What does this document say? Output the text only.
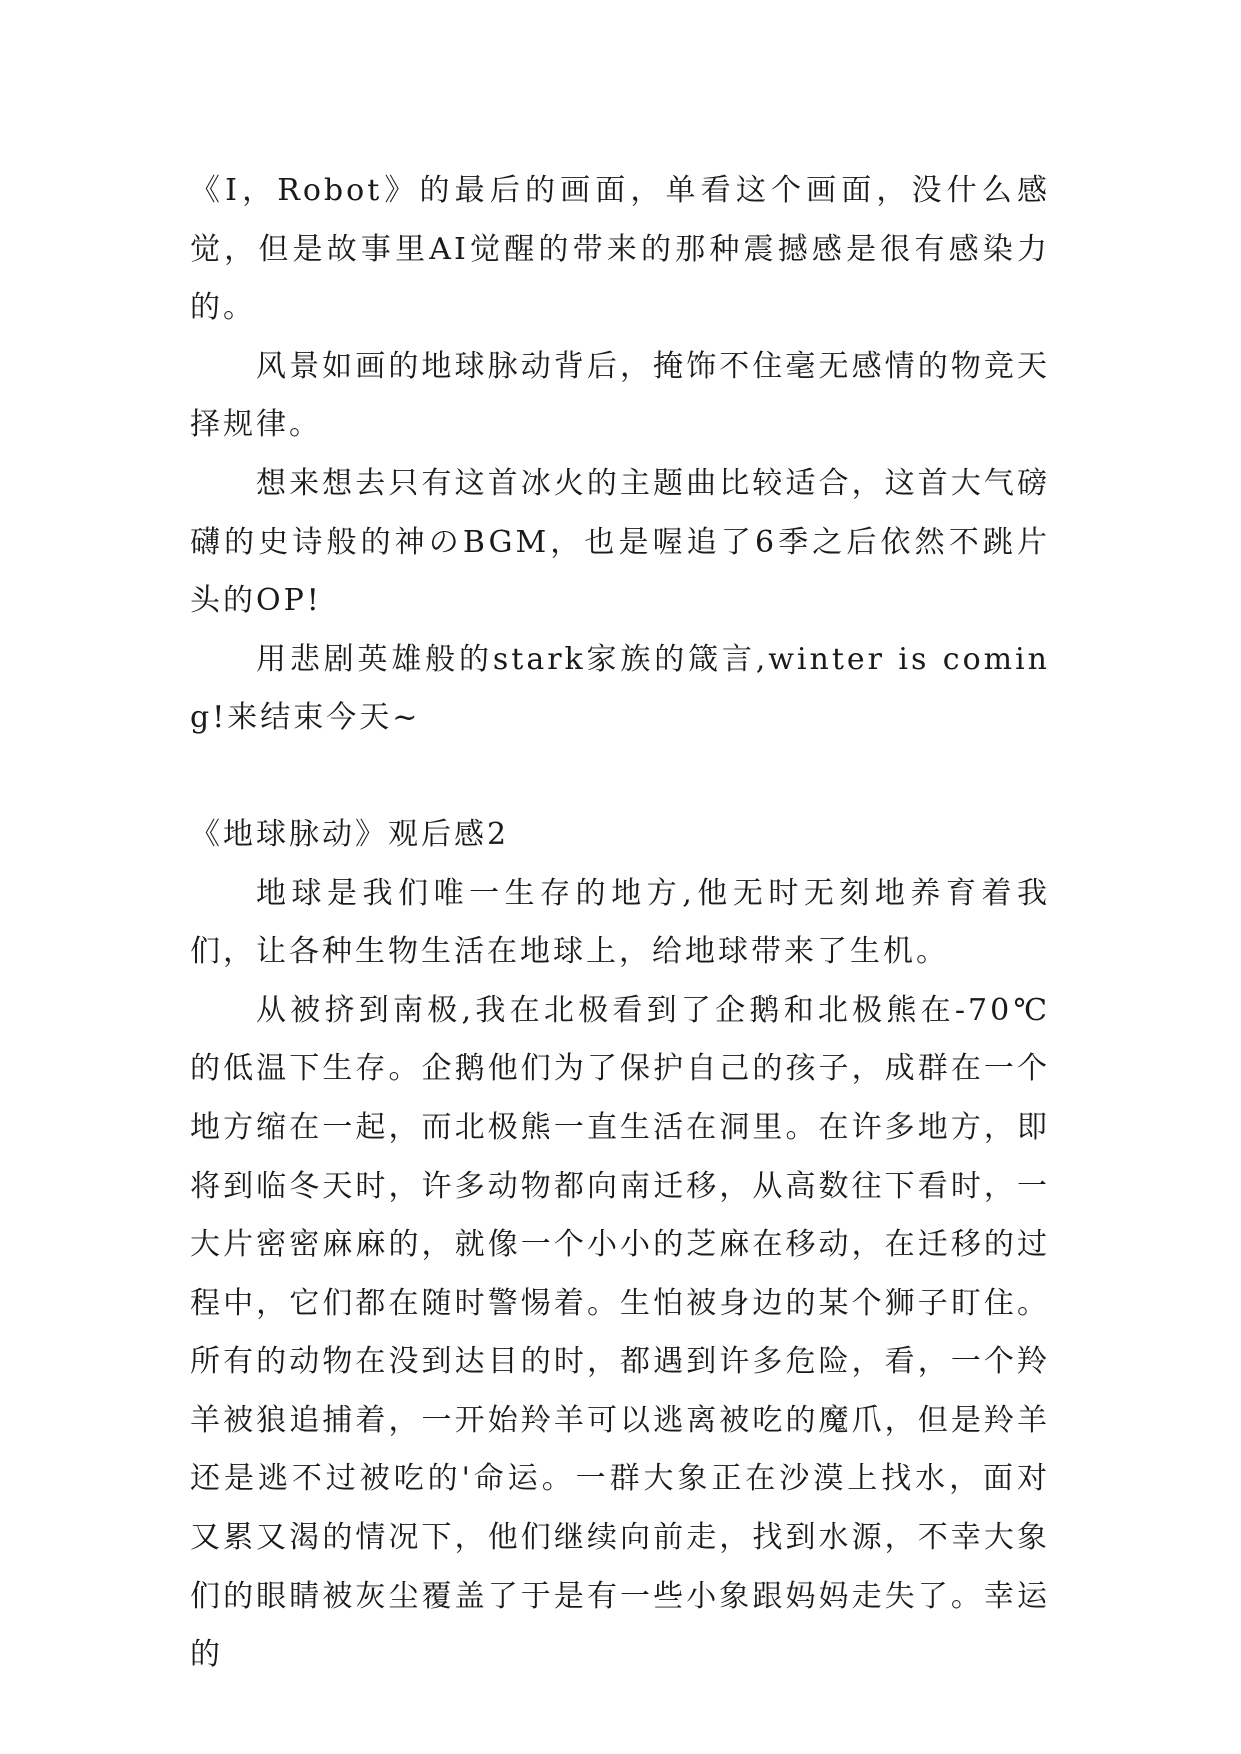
《I，Robot》的最后的画面，单看这个画面，没什么感觉，但是故事里AI觉醒的带来的那种震撼感是很有感染力的。

风景如画的地球脉动背后，掩饰不住毫无感情的物竞天择规律。

想来想去只有这首冰火的主题曲比较适合，这首大气磅礴的史诗般的神のBGM，也是喔追了6季之后依然不跳片头的OP!

用悲剧英雄般的stark家族的箴言,winter is coming!来结束今天~

《地球脉动》观后感2

地球是我们唯一生存的地方,他无时无刻地养育着我们，让各种生物生活在地球上，给地球带来了生机。

从被挤到南极,我在北极看到了企鹅和北极熊在-70℃的低温下生存。企鹅他们为了保护自己的孩子，成群在一个地方缩在一起，而北极熊一直生活在洞里。在许多地方，即将到临冬天时，许多动物都向南迁移，从高数往下看时，一大片密密麻麻的，就像一个小小的芝麻在移动，在迁移的过程中，它们都在随时警惕着。生怕被身边的某个狮子盯住。所有的动物在没到达目的时，都遇到许多危险，看，一个羚羊被狼追捕着，一开始羚羊可以逃离被吃的魔爪，但是羚羊还是逃不过被吃的'命运。一群大象正在沙漠上找水，面对又累又渴的情况下，他们继续向前走，找到水源，不幸大象们的眼睛被灰尘覆盖了于是有一些小象跟妈妈走失了。幸运的
